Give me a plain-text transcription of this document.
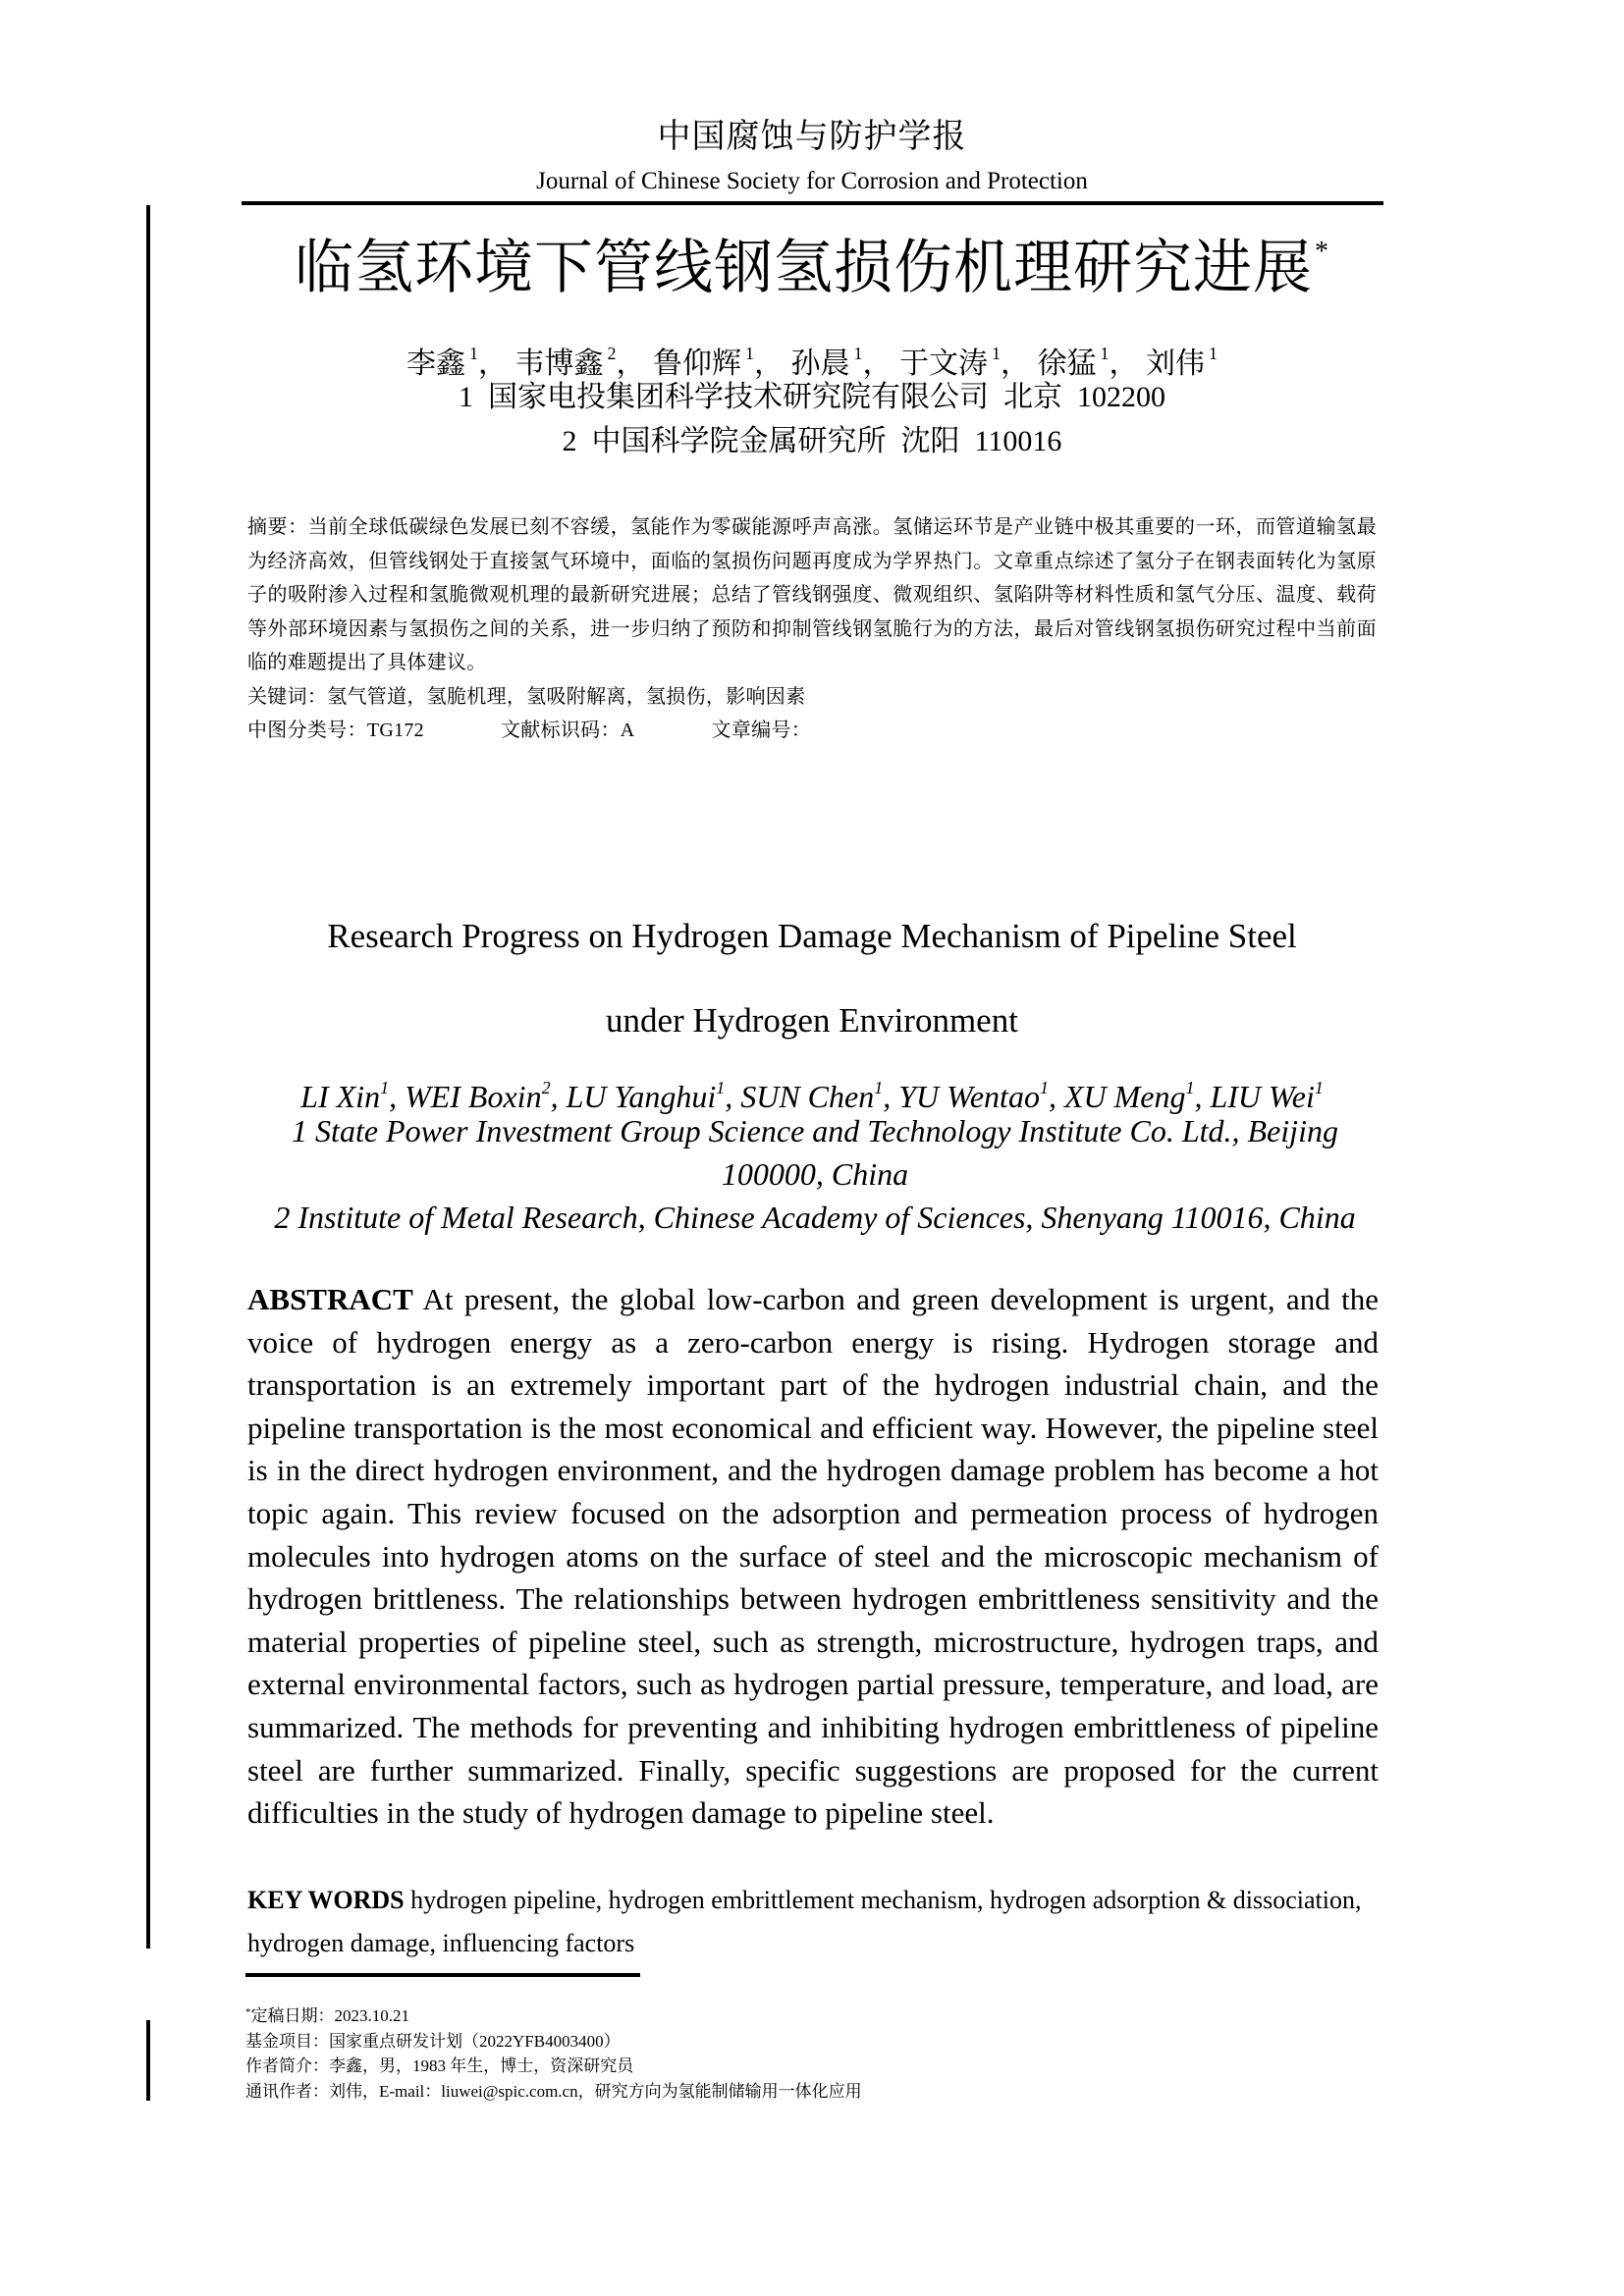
中国腐蚀与防护学报
Journal of Chinese Society for Corrosion and Protection
临氢环境下管线钢氢损伤机理研究进展*
李鑫 $^1$， 韦博鑫 $^2$， 鲁仰辉 $^1$， 孙晨 $^1$， 于文涛 $^1$， 徐猛 $^1$， 刘伟 $^1$
1  国家电投集团科学技术研究院有限公司  北京  102200
2  中国科学院金属研究所  沈阳  110016

摘要：当前全球低碳绿色发展已刻不容缓，氢能作为零碳能源呼声高涨。氢储运环节是产业链中极其重要的一环，而管道输氢最为经济高效，但管线钢处于直接氢气环境中，面临的氢损伤问题再度成为学界热门。文章重点综述了氢分子在钢表面转化为氢原子的吸附渗入过程和氢脆微观机理的最新研究进展；总结了管线钢强度、微观组织、氢陷阱等材料性质和氢气分压、温度、载荷等外部环境因素与氢损伤之间的关系，进一步归纳了预防和抑制管线钢氢脆行为的方法，最后对管线钢氢损伤研究过程中当前面临的难题提出了具体建议。

关键词：氢气管道，氢脆机理，氢吸附解离，氢损伤，影响因素

中图分类号：TG172	文献标识码：A	文章编号：

Research Progress on Hydrogen Damage Mechanism of Pipeline Steel
under Hydrogen Environment
LI Xin$^1$, WEI Boxin$^2$, LU Yanghui$^1$, SUN Chen$^1$, YU Wentao$^1$, XU Meng$^1$, LIU Wei$^1$
1 State Power Investment Group Science and Technology Institute Co. Ltd., Beijing 100000, China
2 Institute of Metal Research, Chinese Academy of Sciences, Shenyang 110016, China

ABSTRACT At present, the global low-carbon and green development is urgent, and the voice of hydrogen energy as a zero-carbon energy is rising. Hydrogen storage and transportation is an extremely important part of the hydrogen industrial chain, and the pipeline transportation is the most economical and efficient way. However, the pipeline steel is in the direct hydrogen environment, and the hydrogen damage problem has become a hot topic again. This review focused on the adsorption and permeation process of hydrogen molecules into hydrogen atoms on the surface of steel and the microscopic mechanism of hydrogen brittleness. The relationships between hydrogen embrittleness sensitivity and the material properties of pipeline steel, such as strength, microstructure, hydrogen traps, and external environmental factors, such as hydrogen partial pressure, temperature, and load, are summarized. The methods for preventing and inhibiting hydrogen embrittleness of pipeline steel are further summarized. Finally, specific suggestions are proposed for the current difficulties in the study of hydrogen damage to pipeline steel.

KEY WORDS hydrogen pipeline, hydrogen embrittlement mechanism, hydrogen adsorption & dissociation, hydrogen damage, influencing factors
*定稿日期：2023.10.21
基金项目：国家重点研发计划（2022YFB4003400）
作者简介：李鑫，男，1983 年生，博士，资深研究员
通讯作者：刘伟，E-mail：liuwei@spic.com.cn，研究方向为氢能制储输用一体化应用
